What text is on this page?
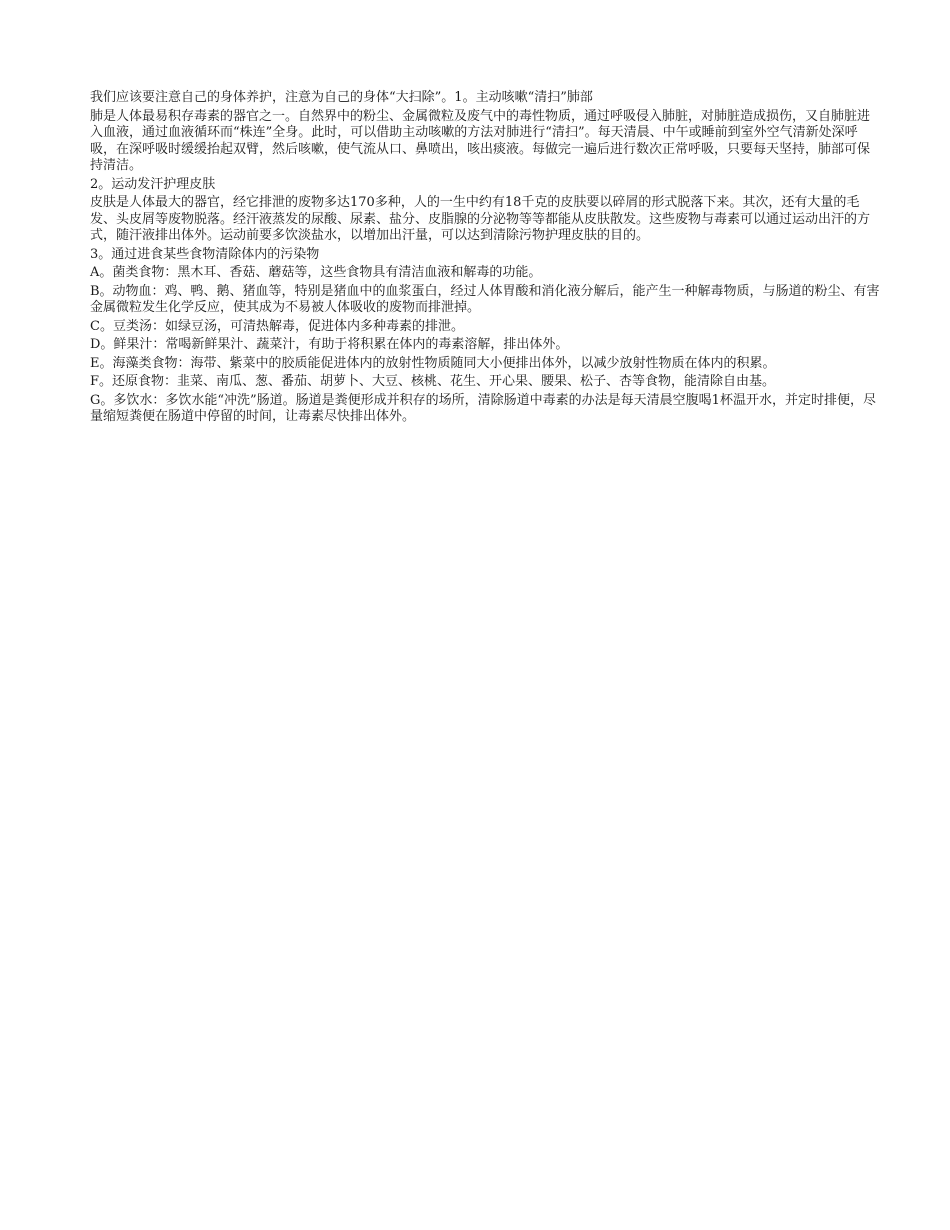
我们应该要注意自己的身体养护，注意为自己的身体“大扫除”。1。主动咳嗽“清扫”肺部

肺是人体最易积存毒素的器官之一。自然界中的粉尘、金属微粒及废气中的毒性物质，通过呼吸侵入肺脏，对肺脏造成损伤，又自肺脏进入血液，通过血液循环而“株连”全身。此时，可以借助主动咳嗽的方法对肺进行“清扫”。每天清晨、中午或睡前到室外空气清新处深呼吸，在深呼吸时缓缓抬起双臂，然后咳嗽，使气流从口、鼻喷出，咳出痰液。每做完一遍后进行数次正常呼吸，只要每天坚持，肺部可保持清洁。

2。运动发汗护理皮肤

皮肤是人体最大的器官，经它排泄的废物多达170多种，人的一生中约有18千克的皮肤要以碎屑的形式脱落下来。其次，还有大量的毛发、头皮屑等废物脱落。经汗液蒸发的尿酸、尿素、盐分、皮脂腺的分泌物等等都能从皮肤散发。这些废物与毒素可以通过运动出汗的方式，随汗液排出体外。运动前要多饮淡盐水，以增加出汗量，可以达到清除污物护理皮肤的目的。

3。通过进食某些食物清除体内的污染物

A。菌类食物：黑木耳、香菇、蘑菇等，这些食物具有清洁血液和解毒的功能。

B。动物血：鸡、鸭、鹅、猪血等，特别是猪血中的血浆蛋白，经过人体胃酸和消化液分解后，能产生一种解毒物质，与肠道的粉尘、有害金属微粒发生化学反应，使其成为不易被人体吸收的废物而排泄掉。

C。豆类汤：如绿豆汤，可清热解毒，促进体内多种毒素的排泄。

D。鲜果汁：常喝新鲜果汁、蔬菜汁，有助于将积累在体内的毒素溶解，排出体外。

E。海藻类食物：海带、紫菜中的胶质能促进体内的放射性物质随同大小便排出体外，以减少放射性物质在体内的积累。

F。还原食物：韭菜、南瓜、葱、番茄、胡萝卜、大豆、核桃、花生、开心果、腰果、松子、杏等食物，能清除自由基。

G。多饮水：多饮水能“冲洗”肠道。肠道是粪便形成并积存的场所，清除肠道中毒素的办法是每天清晨空腹喝1杯温开水，并定时排便，尽量缩短粪便在肠道中停留的时间，让毒素尽快排出体外。
